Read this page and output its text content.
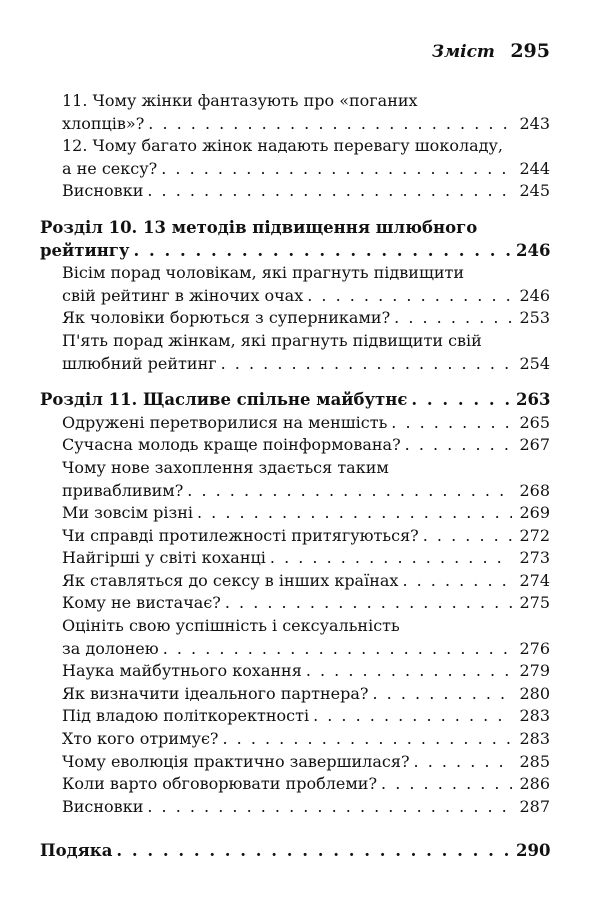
Зміст 295
11. Чому жінки фантазують про «поганих
хлопців»? . . .	243
12. Чому багато жінок надають перевагу шоколаду,
а не сексу? . . .	244
Висновки . . .	245
Розділ 10. 13 методів підвищення шлюбного
рейтингу . . .	246
Вісім порад чоловікам, які прагнуть підвищити
свій рейтинг в жіночих очах . . .	246
Як чоловіки борються з суперниками? . . .	253
П'ять порад жінкам, які прагнуть підвищити свій
шлюбний рейтинг . . .	254
Розділ 11. Щасливе спільне майбутнє . . .	263
Одружені перетворилися на меншість . . .	265
Сучасна молодь краще поінформована? . . .	267
Чому нове захоплення здається таким
привабливим? . . .	268
Ми зовсім різні . . .	269
Чи справді протилежності притягуються? . . .	272
Найгірші у світі коханці . . .	273
Як ставляться до сексу в інших країнах . . .	274
Кому не вистачає? . . .	275
Оцініть свою успішність і сексуальність
за долонею . . .	276
Наука майбутнього кохання . . .	279
Як визначити ідеального партнера? . . .	280
Під владою політкоректності . . .	283
Хто кого отримує? . . .	283
Чому еволюція практично завершилася? . . .	285
Коли варто обговорювати проблеми? . . .	286
Висновки . . .	287
Подяка . . .	290
